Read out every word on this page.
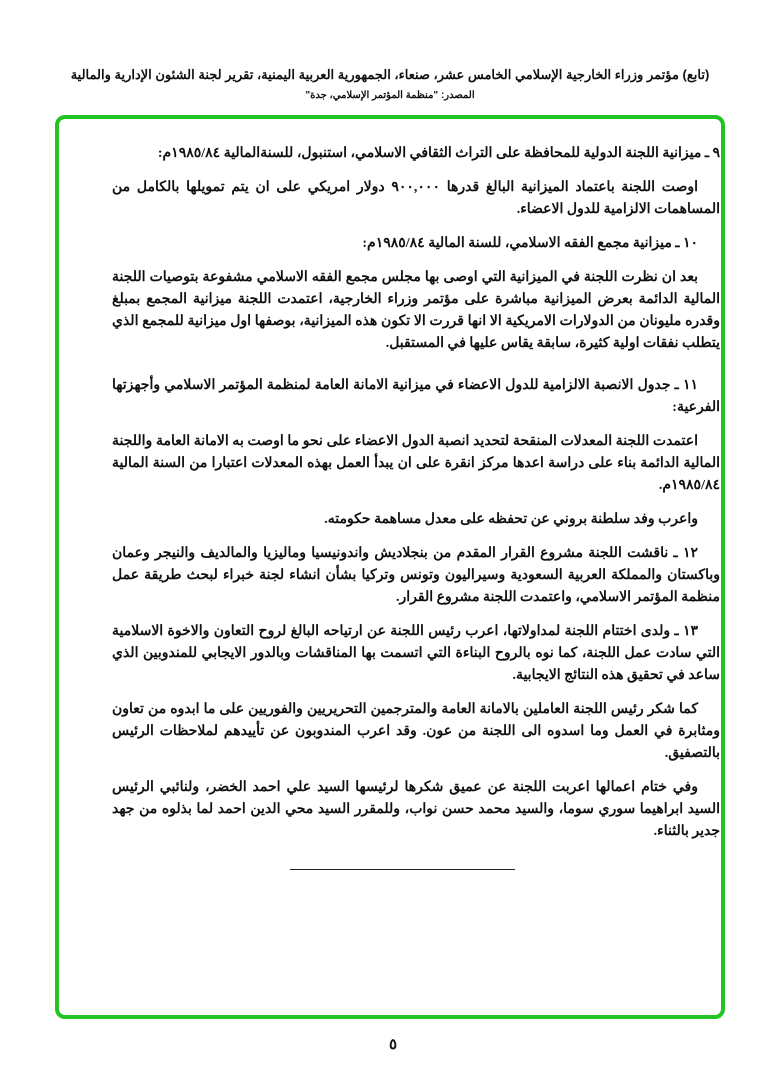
(تابع) مؤتمر وزراء الخارجية الإسلامي الخامس عشر، صنعاء، الجمهورية العربية اليمنية، تقرير لجنة الشئون الإدارية والمالية
المصدر: "منظمة المؤتمر الإسلامي، جدة"

٩ ـ ميزانية اللجنة الدولية للمحافظة على التراث الثقافي الاسلامي، استنبول، للسنةالمالية ١٩٨٥/٨٤م:

اوصت اللجنة باعتماد الميزانية البالغ قدرها ٩٠٠,٠٠٠ دولار امريكي على ان يتم تمويلها بالكامل من المساهمات الالزامية للدول الاعضاء.

١٠ ـ ميزانية مجمع الفقه الاسلامي، للسنة المالية ١٩٨٥/٨٤م:

بعد ان نظرت اللجنة في الميزانية التي اوصى بها مجلس مجمع الفقه الاسلامي مشفوعة بتوصيات اللجنة المالية الدائمة بعرض الميزانية مباشرة على مؤتمر وزراء الخارجية، اعتمدت اللجنة ميزانية المجمع بمبلغ وقدره مليونان من الدولارات الامريكية الا انها قررت الا تكون هذه الميزانية، بوصفها اول ميزانية للمجمع الذي يتطلب نفقات اولية كثيرة، سابقة يقاس عليها في المستقبل.

١١ ـ جدول الانصبة الالزامية للدول الاعضاء في ميزانية الامانة العامة لمنظمة المؤتمر الاسلامي وأجهزتها الفرعية:

اعتمدت اللجنة المعدلات المنقحة لتحديد انصبة الدول الاعضاء على نحو ما اوصت به الامانة العامة واللجنة المالية الدائمة بناء على دراسة اعدها مركز انقرة على ان يبدأ العمل بهذه المعدلات اعتبارا من السنة المالية ١٩٨٥/٨٤م.

واعرب وفد سلطنة بروني عن تحفظه على معدل مساهمة حكومته.

١٢ ـ ناقشت اللجنة مشروع القرار المقدم من بنجلاديش واندونيسيا وماليزيا والمالديف والنيجر وعمان وباكستان والمملكة العربية السعودية وسيراليون وتونس وتركيا بشأن انشاء لجنة خبراء لبحث طريقة عمل منظمة المؤتمر الاسلامي، واعتمدت اللجنة مشروع القرار.

١٣ ـ ولدى اختتام اللجنة لمداولاتها، اعرب رئيس اللجنة عن ارتياحه البالغ لروح التعاون والاخوة الاسلامية التي سادت عمل اللجنة، كما نوه بالروح البناءة التي اتسمت بها المناقشات وبالدور الايجابي للمندوبين الذي ساعد في تحقيق هذه النتائج الايجابية.

كما شكر رئيس اللجنة العاملين بالامانة العامة والمترجمين التحريريين والفوريين على ما ابدوه من تعاون ومثابرة في العمل وما اسدوه الى اللجنة من عون. وقد اعرب المندوبون عن تأييدهم لملاحظات الرئيس بالتصفيق.

وفي ختام اعمالها اعربت اللجنة عن عميق شكرها لرئيسها السيد علي احمد الخضر، ولنائبي الرئيس السيد ابراهيما سوري سوما، والسيد محمد حسن نواب، وللمقرر السيد محي الدين احمد لما بذلوه من جهد جدير بالثناء.

٥
